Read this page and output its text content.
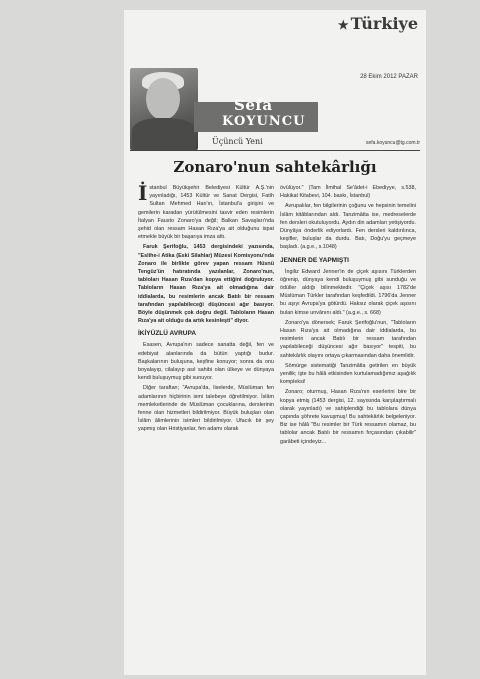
★ Türkiye
28 Ekim 2012 PAZAR
Sefa
KOYUNCU
Üçüncü Yeni	sefa.koyuncu@tg.com.tr
Zonaro'nun sahtekârlığı

İstanbul Büyükşehir Belediyesi Kültür A.Ş.'nin yayınladığı, 1453 Kültür ve Sanat Dergisi, Fatih Sultan Mehmed Han'ın, İstanbul'a girişini ve gemilerin karadan yürütülmesini tasvir eden resimlerin İtalyan Fausto Zonaro'ya değil; Balkan Savaşları'nda şehid olan ressam Hasan Rıza'ya ait olduğunu ispat etmekle büyük bir başarıya imza attı.

Faruk Şerifoğlu, 1453 dergisindeki yazısında, "Eslihe-i Atika (Eski Silahlar) Müzesi Komisyonu'nda Zonaro ile birlikte görev yapan ressam Hüsnü Tengüz'ün hatıratında yazılanlar, Zonaro'nun, tabloları Hasan Rıza'dan kopya ettiğini doğruluyor. Tabloların Hasan Rıza'ya ait olmadığına dair iddialarda, bu resimlerin ancak Batılı bir ressam tarafından yapılabileceği düşüncesi ağır basıyor. Böyle düşünmek çok doğru değil. Tabloların Hasan Rıza'ya ait olduğu da artık kesinleşti" diyor.

İKİYÜZLÜ AVRUPA

Esasen, Avrupa'nın sadece sanatta değil, fen ve edebiyat alanlarında da bütün yaptığı budur. Başkalarının buluşuna, keşfine konuyor; sonra da onu boyalayıp, cilalayıp asıl sahibi olan ülkeye ve dünyaya kendi buluşuymuş gibi sunuyor.

Diğer taraftan; "Avrupa'da, liselerde, Müslüman fen adamlarının hiçbirinin ismi talebeye öğretilmiyor. İslâm memleketlerinde de Müslüman çocuklarına, derslerinin fenne olan hizmetleri bildirilmiyor. Büyük buluşları olan İslâm âlimlerinin isimleri bildirilmiyor. Ufacık bir şey yapmış olan Hristiyanlar, fen adamı olarak

övülüyor." (Tam İlmihal Se'âdet-i Ebediyye, s.538, Hakikat Kitabevi, 104. baskı, İstanbul)

Avrupalılar, fen bilgilerinin çoğunu ve hepsinin temelini İslâm kitâblarından aldı. Tanzimâtta ise, medreselerde fen dersleri okutuluyordu. Aydın din adamları yetişiyordu. Dünyâya önderlik ediyorlardı. Fen dersleri kaldırılınca, keşifler, buluşlar da durdu. Batı, Doğu'yu geçmeye başladı. (a.g.e., s.1048)

JENNER DE YAPMIŞTI

İngiliz Edward Jenner'in de çiçek aşısını Türklerden öğrenip, dünyaya kendi buluşuymuş gibi sunduğu ve ödüller aldığı bilinmektedir. "Çiçek aşısı 1782'de Müslüman Türkler tarafından keşfedildi. 1796'da Jenner bu aşıyı Avrupa'ya götürdü. Haksız olarak çiçek aşısını bulan kimse unvânını aldı." (a.g.e., s. 668)

Zonaro'ya dönersek; Faruk Şerifoğlu'nun, "Tabloların Hasan Rıza'ya ait olmadığına dair iddialarda, bu resimlerin ancak Batılı bir ressam tarafından yapılabileceği düşüncesi ağır basıyor" tespiti, bu sahtekârlık olayını ortaya çıkarmasından daha önemlidir.

Sömürge sistematiği Tanzimâtla getirilen en büyük yenilik; işte bu hâlâ etkisinden kurtulamadığımız aşağılık kompleksi!

Zonaro; oturmuş, Hasan Rıza'nın eserlerini bire bir kopya etmiş (1453 dergisi, 12. sayısında karşılaştırmalı olarak yayınladı) ve sahiplendiği bu tablolara dünya çapında şöhrete kavuşmuş! Bu sahtekârlık belgeleniyor. Biz ise hâlâ "Bu resimler bir Türk ressamın olamaz, bu tablolar ancak Batılı bir ressamın fırçasından çıkabilir" garâbeti içindeyiz...
